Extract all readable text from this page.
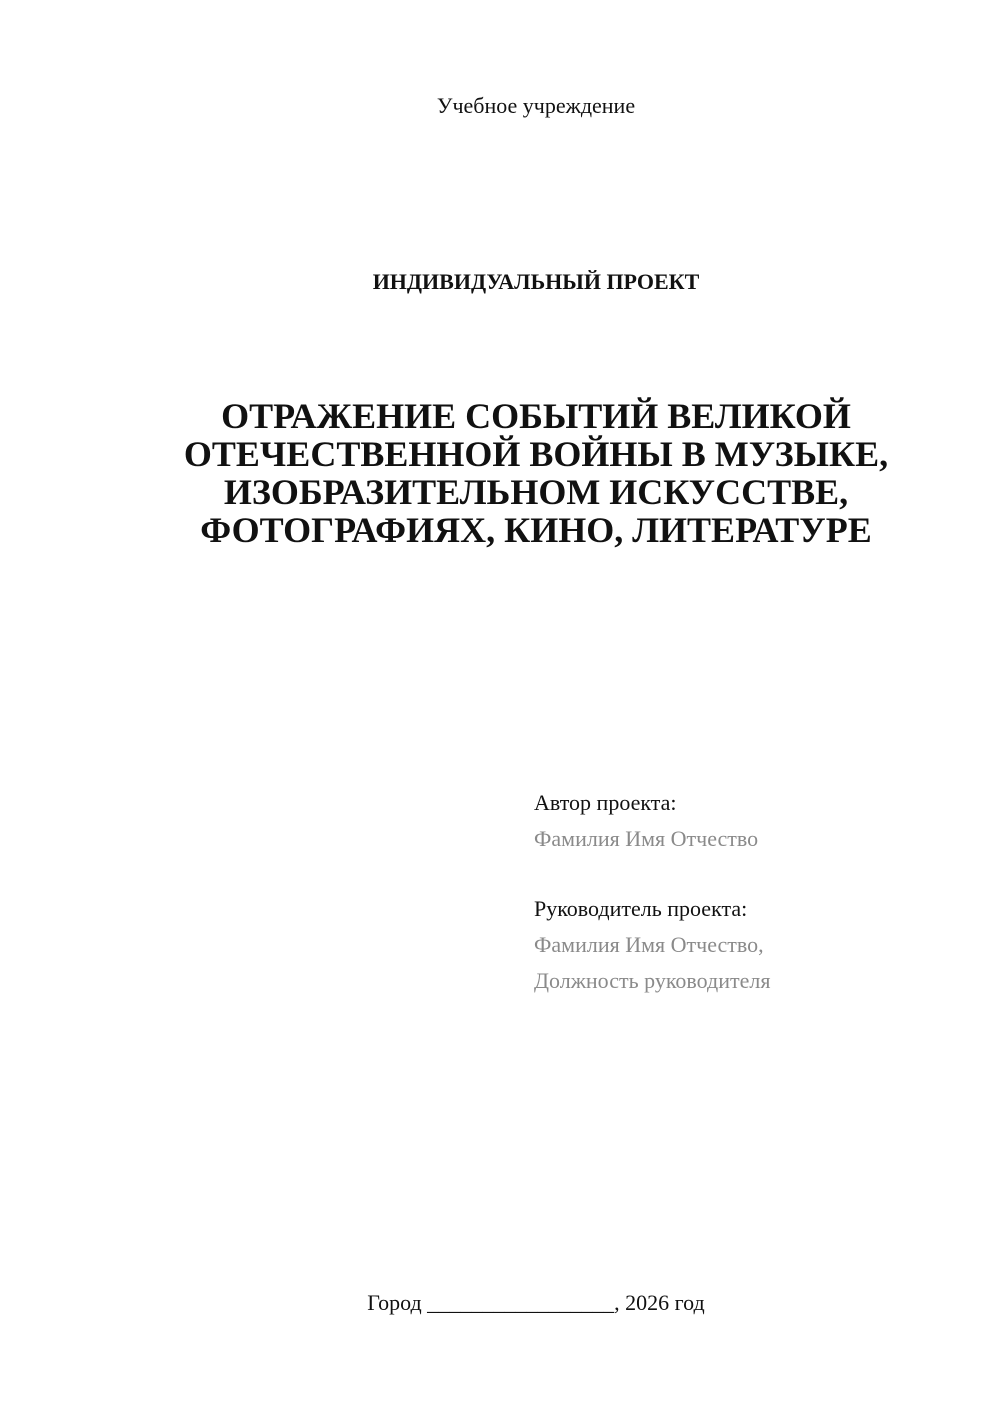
Учебное учреждение
ИНДИВИДУАЛЬНЫЙ ПРОЕКТ
ОТРАЖЕНИЕ СОБЫТИЙ ВЕЛИКОЙ
ОТЕЧЕСТВЕННОЙ ВОЙНЫ В МУЗЫКЕ,
ИЗОБРАЗИТЕЛЬНОМ ИСКУССТВЕ,
ФОТОГРАФИЯХ, КИНО, ЛИТЕРАТУРЕ
Автор проекта:
Фамилия Имя Отчество
Руководитель проекта:
Фамилия Имя Отчество,
Должность руководителя
Город _________________, 2026 год
